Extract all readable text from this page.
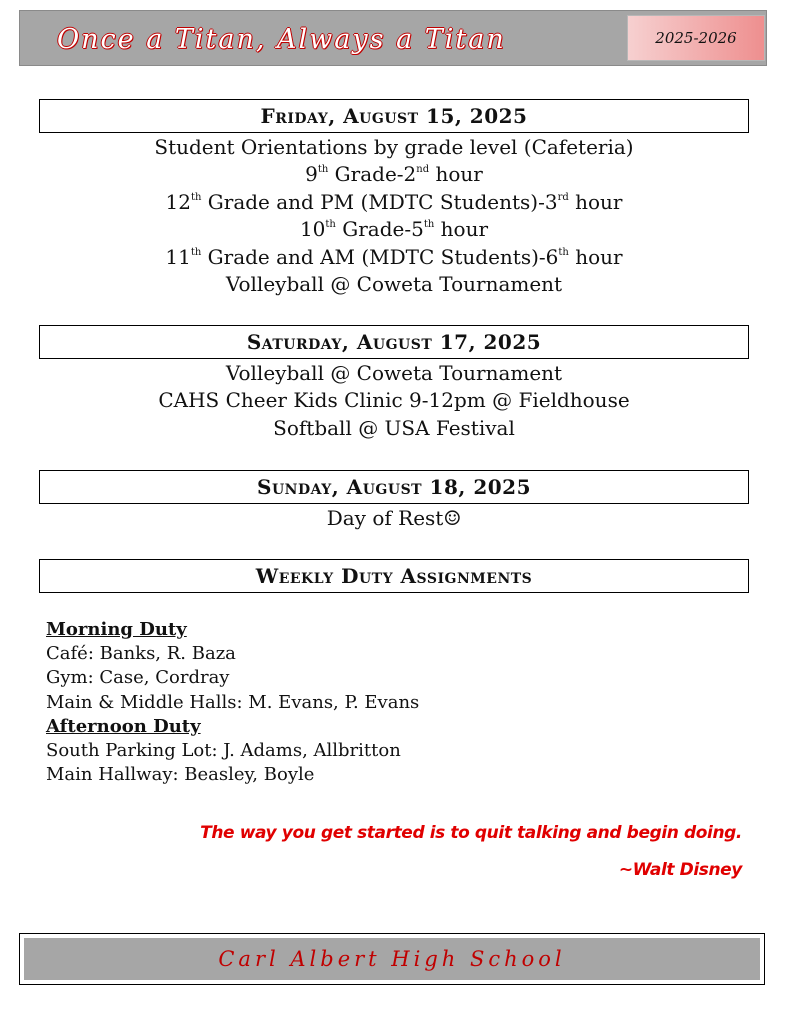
Once a Titan, Always a Titan	2025-2026
Friday, August 15, 2025
Student Orientations by grade level (Cafeteria)
9th Grade-2nd hour
12th Grade and PM (MDTC Students)-3rd hour
10th Grade-5th hour
11th Grade and AM (MDTC Students)-6th hour
Volleyball @ Coweta Tournament
Saturday, August 17, 2025
Volleyball @ Coweta Tournament
CAHS Cheer Kids Clinic 9-12pm @ Fieldhouse
Softball @ USA Festival
Sunday, August 18, 2025
Day of Rest☺
Weekly Duty Assignments
Morning Duty
Café: Banks, R. Baza
Gym: Case, Cordray
Main & Middle Halls: M. Evans, P. Evans
Afternoon Duty
South Parking Lot: J. Adams, Allbritton
Main Hallway: Beasley, Boyle
The way you get started is to quit talking and begin doing.
~Walt Disney
Carl Albert High School
